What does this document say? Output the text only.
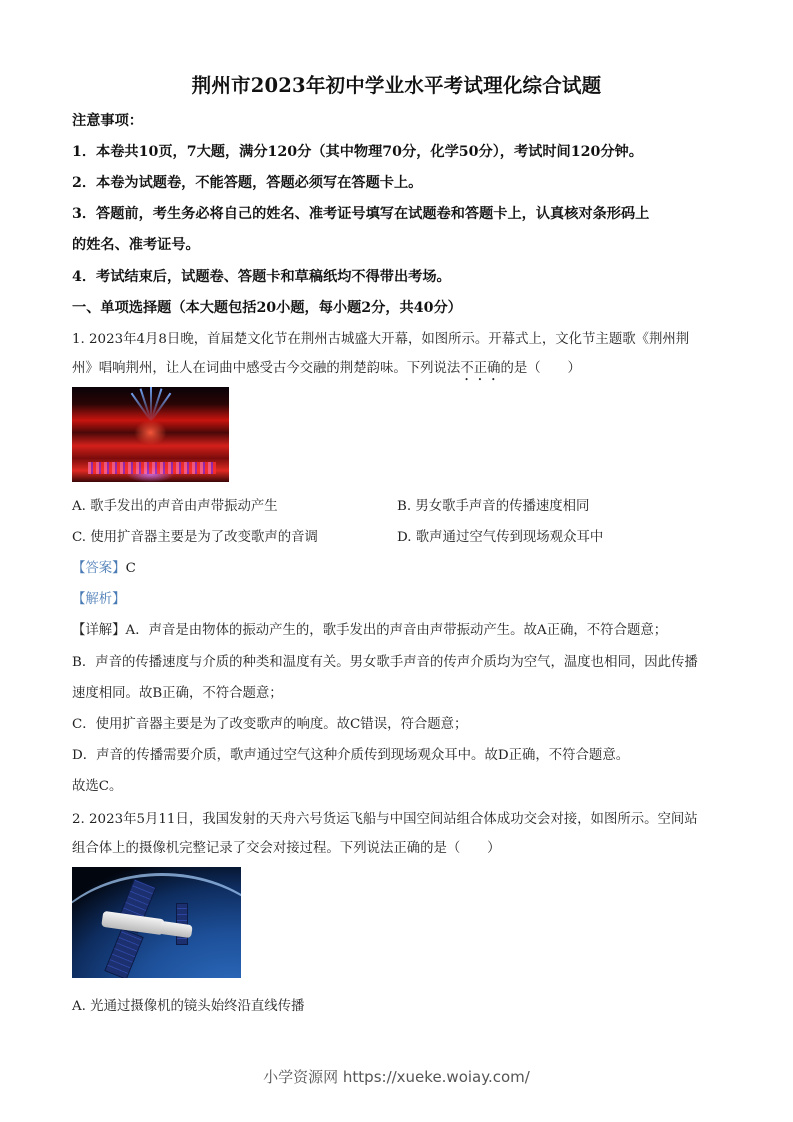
荆州市2023年初中学业水平考试理化综合试题
注意事项：
1．本卷共10页，7大题，满分120分（其中物理70分，化学50分），考试时间120分钟。
2．本卷为试题卷，不能答题，答题必须写在答题卡上。
3．答题前，考生务必将自己的姓名、准考证号填写在试题卷和答题卡上，认真核对条形码上
的姓名、准考证号。
4．考试结束后，试题卷、答题卡和草稿纸均不得带出考场。
一、单项选择题（本大题包括20小题，每小题2分，共40分）
1. 2023年4月8日晚，首届楚文化节在荆州古城盛大开幕，如图所示。开幕式上，文化节主题歌《荆州荆
州》唱响荆州，让人在词曲中感受古今交融的荆楚韵味。下列说法不正确的是（　　）
A. 歌手发出的声音由声带振动产生	B. 男女歌手声音的传播速度相同
C. 使用扩音器主要是为了改变歌声的音调	D. 歌声通过空气传到现场观众耳中
【答案】C
【解析】
【详解】A．声音是由物体的振动产生的，歌手发出的声音由声带振动产生。故A正确，不符合题意；
B．声音的传播速度与介质的种类和温度有关。男女歌手声音的传声介质均为空气，温度也相同，因此传播
速度相同。故B正确，不符合题意；
C．使用扩音器主要是为了改变歌声的响度。故C错误，符合题意；
D．声音的传播需要介质，歌声通过空气这种介质传到现场观众耳中。故D正确，不符合题意。
故选C。
2. 2023年5月11日，我国发射的天舟六号货运飞船与中国空间站组合体成功交会对接，如图所示。空间站
组合体上的摄像机完整记录了交会对接过程。下列说法正确的是（　　）
A. 光通过摄像机的镜头始终沿直线传播
小学资源网 https://xueke.woiay.com/
